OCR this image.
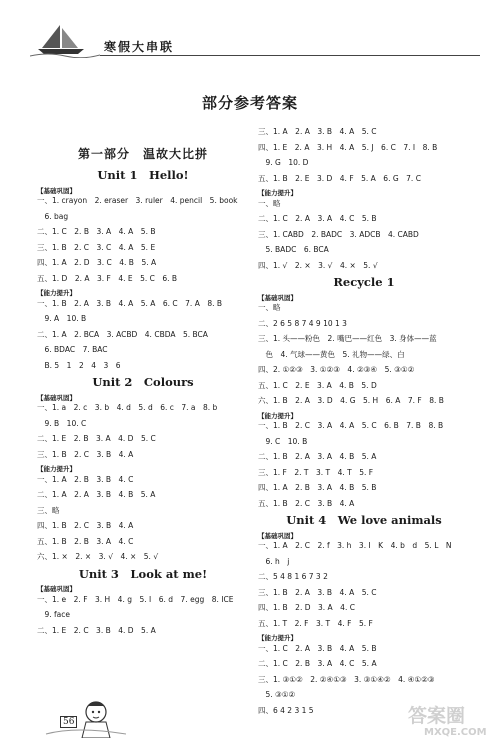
寒假大串联
部分参考答案
第一部分　温故大比拼
Unit 1　Hello!
【基础巩固】
一、1. crayon　2. eraser　3. ruler　4. pencil　5. book
　6. bag
二、1. C　2. B　3. A　4. A　5. B
三、1. B　2. C　3. C　4. A　5. E
四、1. A　2. D　3. C　4. B　5. A
五、1. D　2. A　3. F　4. E　5. C　6. B
【能力提升】
一、1. B　2. A　3. B　4. A　5. A　6. C　7. A　8. B
　9. A　10. B
二、1. A　2. BCA　3. ACBD　4. CBDA　5. BCA
　6. BDAC　7. BAC
　B. 5　1　2　4　3　6
Unit 2　Colours
【基础巩固】
一、1. a　2. c　3. b　4. d　5. d　6. c　7. a　8. b
　9. B　10. C
二、1. E　2. B　3. A　4. D　5. C
三、1. B　2. C　3. B　4. A
【能力提升】
一、1. A　2. B　3. B　4. C
二、1. A　2. A　3. B　4. B　5. A
三、略
四、1. B　2. C　3. B　4. A
五、1. B　2. B　3. A　4. C
六、1. ×　2. ×　3. √　4. ×　5. √
Unit 3　Look at me!
【基础巩固】
一、1. e　2. F　3. H　4. g　5. I　6. d　7. egg　8. ICE
　9. face
二、1. E　2. C　3. B　4. D　5. A
三、1. A　2. A　3. B　4. A　5. C
四、1. E　2. A　3. H　4. A　5. J　6. C　7. I　8. B
　9. G　10. D
五、1. B　2. E　3. D　4. F　5. A　6. G　7. C
【能力提升】
一、略
二、1. C　2. A　3. A　4. C　5. B
三、1. CABD　2. BADC　3. ADCB　4. CABD
　5. BADC　6. BCA
四、1. √　2. ×　3. √　4. ×　5. √
Recycle 1
【基础巩固】
一、略
二、2 6 5 8 7 4 9 10 1 3
三、1. 头——粉色　2. 嘴巴——红色　3. 身体——蓝
　色　4. 气球——黄色　5. 礼物——绿、白
四、2. ①②③　3. ①②③　4. ②③④　5. ③①②
五、1. C　2. E　3. A　4. B　5. D
六、1. B　2. A　3. D　4. G　5. H　6. A　7. F　8. B
【能力提升】
一、1. B　2. C　3. A　4. A　5. C　6. B　7. B　8. B
　9. C　10. B
二、1. B　2. A　3. A　4. B　5. A
三、1. F　2. T　3. T　4. T　5. F
四、1. A　2. B　3. A　4. B　5. B
五、1. B　2. C　3. B　4. A
Unit 4　We love animals
【基础巩固】
一、1. A　2. C　2. f　3. h　3. I　K　4. b　d　5. L　N
　6. h　j
二、5 4 8 1 6 7 3 2
三、1. B　2. A　3. B　4. A　5. C
四、1. B　2. D　3. A　4. C
五、1. T　2. F　3. T　4. F　5. F
【能力提升】
一、1. C　2. A　3. B　4. A　5. B
二、1. C　2. B　3. A　4. C　5. A
三、1. ③①②　2. ②④①③　3. ③①④②　4. ④①②③
　5. ③①②
四、6 4 2 3 1 5
56	答案圈
MXQE.COM
